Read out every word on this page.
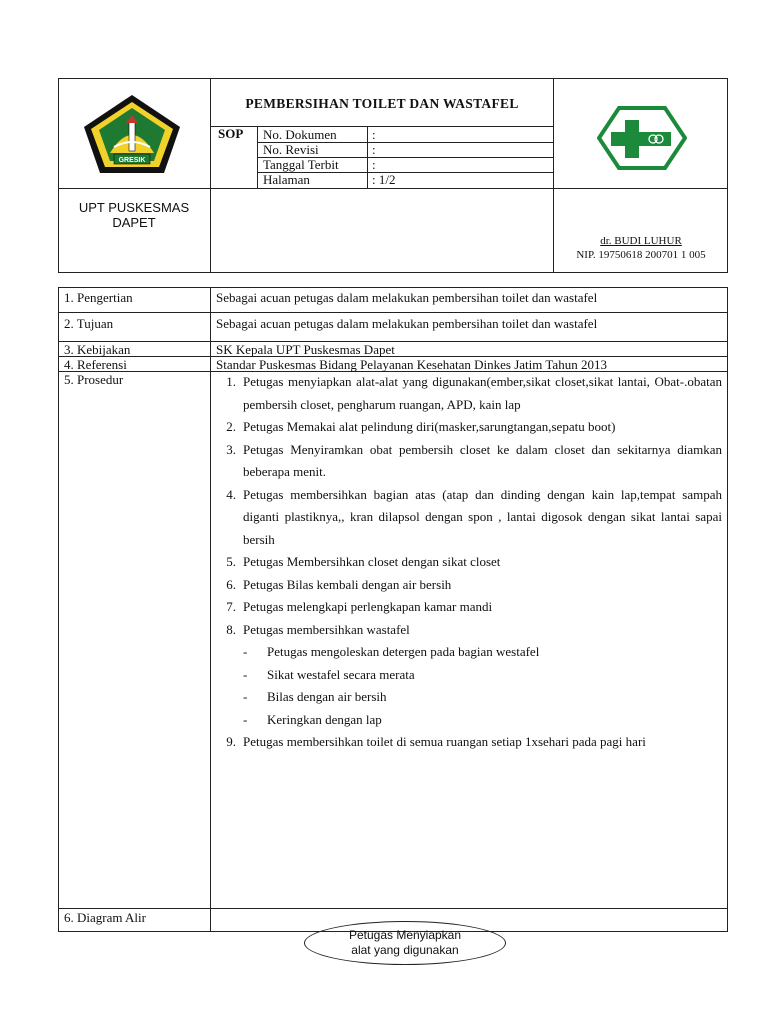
GRESIK
PEMBERSIHAN TOILET DAN WASTAFEL
SOP No. Dokumen	:
No. Revisi	:
Tanggal Terbit	:
Halaman	: 1/2
UPT PUSKESMAS
DAPET
dr. BUDI LUHUR
NIP. 19750618 200701 1 005
1. Pengertian	Sebagai acuan petugas dalam melakukan pembersihan toilet dan wastafel
2. Tujuan	Sebagai acuan petugas dalam melakukan pembersihan toilet dan wastafel
3. Kebijakan	SK Kepala UPT Puskesmas Dapet
4. Referensi	Standar Puskesmas Bidang Pelayanan Kesehatan Dinkes Jatim Tahun 2013
5. Prosedur	1. Petugas menyiapkan alat-alat yang digunakan(ember,sikat closet,sikat lantai, Obat-.obatan pembersih closet, pengharum ruangan, APD, kain lap
2. Petugas Memakai alat pelindung diri(masker,sarungtangan,sepatu boot)
3. Petugas Menyiramkan obat pembersih closet ke dalam closet dan sekitarnya diamkan beberapa menit.
4. Petugas membersihkan bagian atas (atap dan dinding dengan kain lap,tempat sampah diganti plastiknya,, kran dilapsol dengan spon , lantai digosok dengan sikat lantai sapai bersih
5. Petugas Membersihkan closet dengan sikat closet
6. Petugas Bilas kembali dengan air bersih
7. Petugas melengkapi perlengkapan kamar mandi
8. Petugas membersihkan wastafel
- Petugas mengoleskan detergen pada bagian westafel
- Sikat westafel secara merata
- Bilas dengan air bersih
- Keringkan dengan lap
9. Petugas membersihkan toilet di semua ruangan setiap 1xsehari pada pagi hari
6. Diagram Alir
Petugas Menyiapkan
alat yang digunakan
